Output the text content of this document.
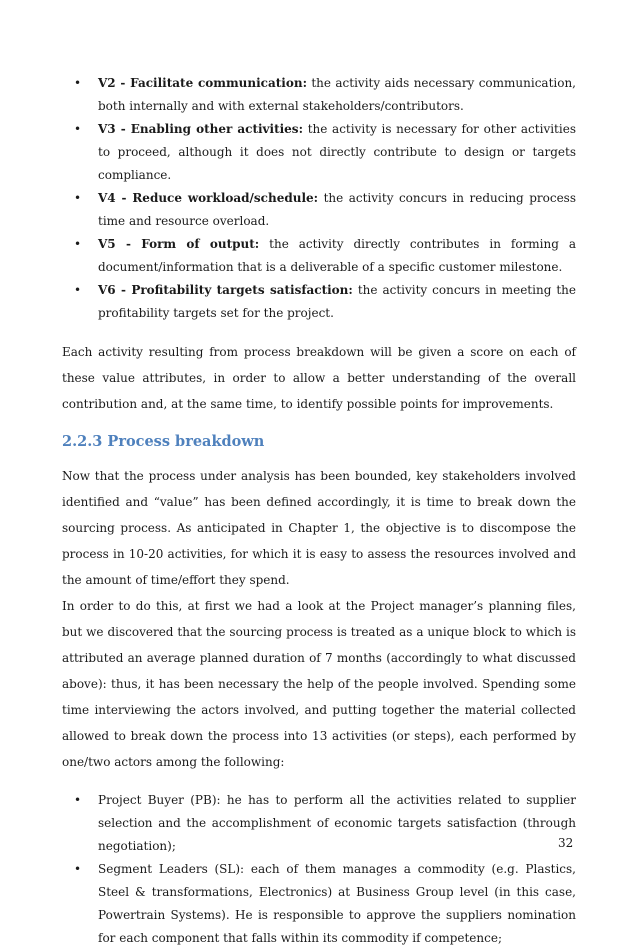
• V2 - Facilitate communication: the activity aids necessary communication, both internally and with external stakeholders/contributors.
• V3 - Enabling other activities: the activity is necessary for other activities to proceed, although it does not directly contribute to design or targets compliance.
• V4 - Reduce workload/schedule: the activity concurs in reducing process time and resource overload.
• V5 - Form of output: the activity directly contributes in forming a document/information that is a deliverable of a specific customer milestone.
• V6 - Profitability targets satisfaction: the activity concurs in meeting the profitability targets set for the project.

Each activity resulting from process breakdown will be given a score on each of these value attributes, in order to allow a better understanding of the overall contribution and, at the same time, to identify possible points for improvements.

2.2.3 Process breakdown

Now that the process under analysis has been bounded, key stakeholders involved identified and “value” has been defined accordingly, it is time to break down the sourcing process. As anticipated in Chapter 1, the objective is to discompose the process in 10-20 activities, for which it is easy to assess the resources involved and the amount of time/effort they spend.

In order to do this, at first we had a look at the Project manager’s planning files, but we discovered that the sourcing process is treated as a unique block to which is attributed an average planned duration of 7 months (accordingly to what discussed above): thus, it has been necessary the help of the people involved. Spending some time interviewing the actors involved, and putting together the material collected allowed to break down the process into 13 activities (or steps), each performed by one/two actors among the following:

• Project Buyer (PB): he has to perform all the activities related to supplier selection and the accomplishment of economic targets satisfaction (through negotiation);
• Segment Leaders (SL): each of them manages a commodity (e.g. Plastics, Steel & transformations, Electronics) at Business Group level (in this case, Powertrain Systems). He is responsible to approve the suppliers nomination for each component that falls within its commodity if competence;
32
